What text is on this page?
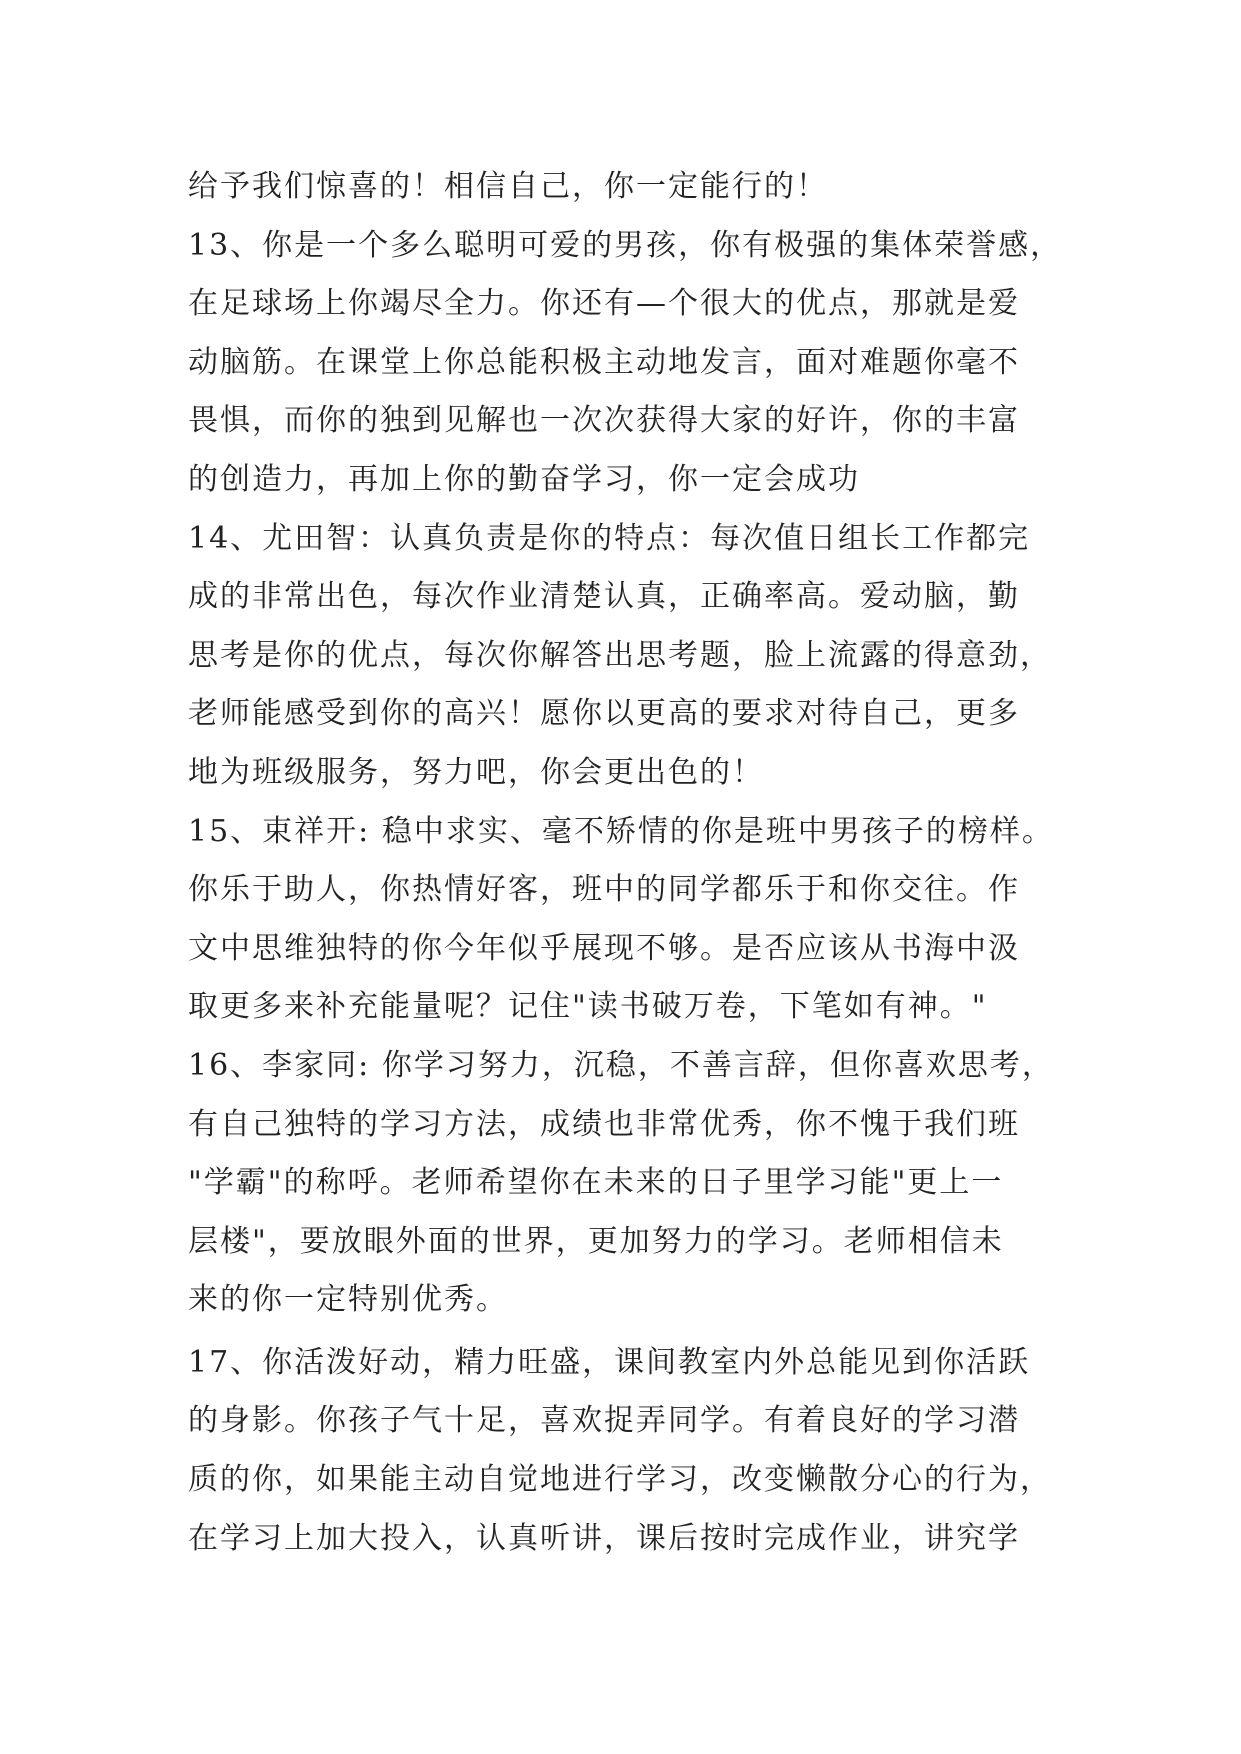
给予我们惊喜的！相信自己，你一定能行的！
13、你是一个多么聪明可爱的男孩，你有极强的集体荣誉感，
在足球场上你竭尽全力。你还有—个很大的优点，那就是爱
动脑筋。在课堂上你总能积极主动地发言，面对难题你毫不
畏惧，而你的独到见解也一次次获得大家的好许，你的丰富
的创造力，再加上你的勤奋学习，你一定会成功
14、尤田智：认真负责是你的特点：每次值日组长工作都完
成的非常出色，每次作业清楚认真，正确率高。爱动脑，勤
思考是你的优点，每次你解答出思考题，脸上流露的得意劲，
老师能感受到你的高兴！愿你以更高的要求对待自己，更多
地为班级服务，努力吧，你会更出色的！
15、束祥开: 稳中求实、毫不矫情的你是班中男孩子的榜样。
你乐于助人，你热情好客，班中的同学都乐于和你交往。作
文中思维独特的你今年似乎展现不够。是否应该从书海中汲
取更多来补充能量呢？记住"读书破万卷，下笔如有神。"
16、李家同: 你学习努力，沉稳，不善言辞，但你喜欢思考，
有自己独特的学习方法，成绩也非常优秀，你不愧于我们班
"学霸"的称呼。老师希望你在未来的日子里学习能"更上一
层楼"，要放眼外面的世界，更加努力的学习。老师相信未
来的你一定特别优秀。
17、你活泼好动，精力旺盛，课间教室内外总能见到你活跃
的身影。你孩子气十足，喜欢捉弄同学。有着良好的学习潜
质的你，如果能主动自觉地进行学习，改变懒散分心的行为，
在学习上加大投入，认真听讲，课后按时完成作业，讲究学
